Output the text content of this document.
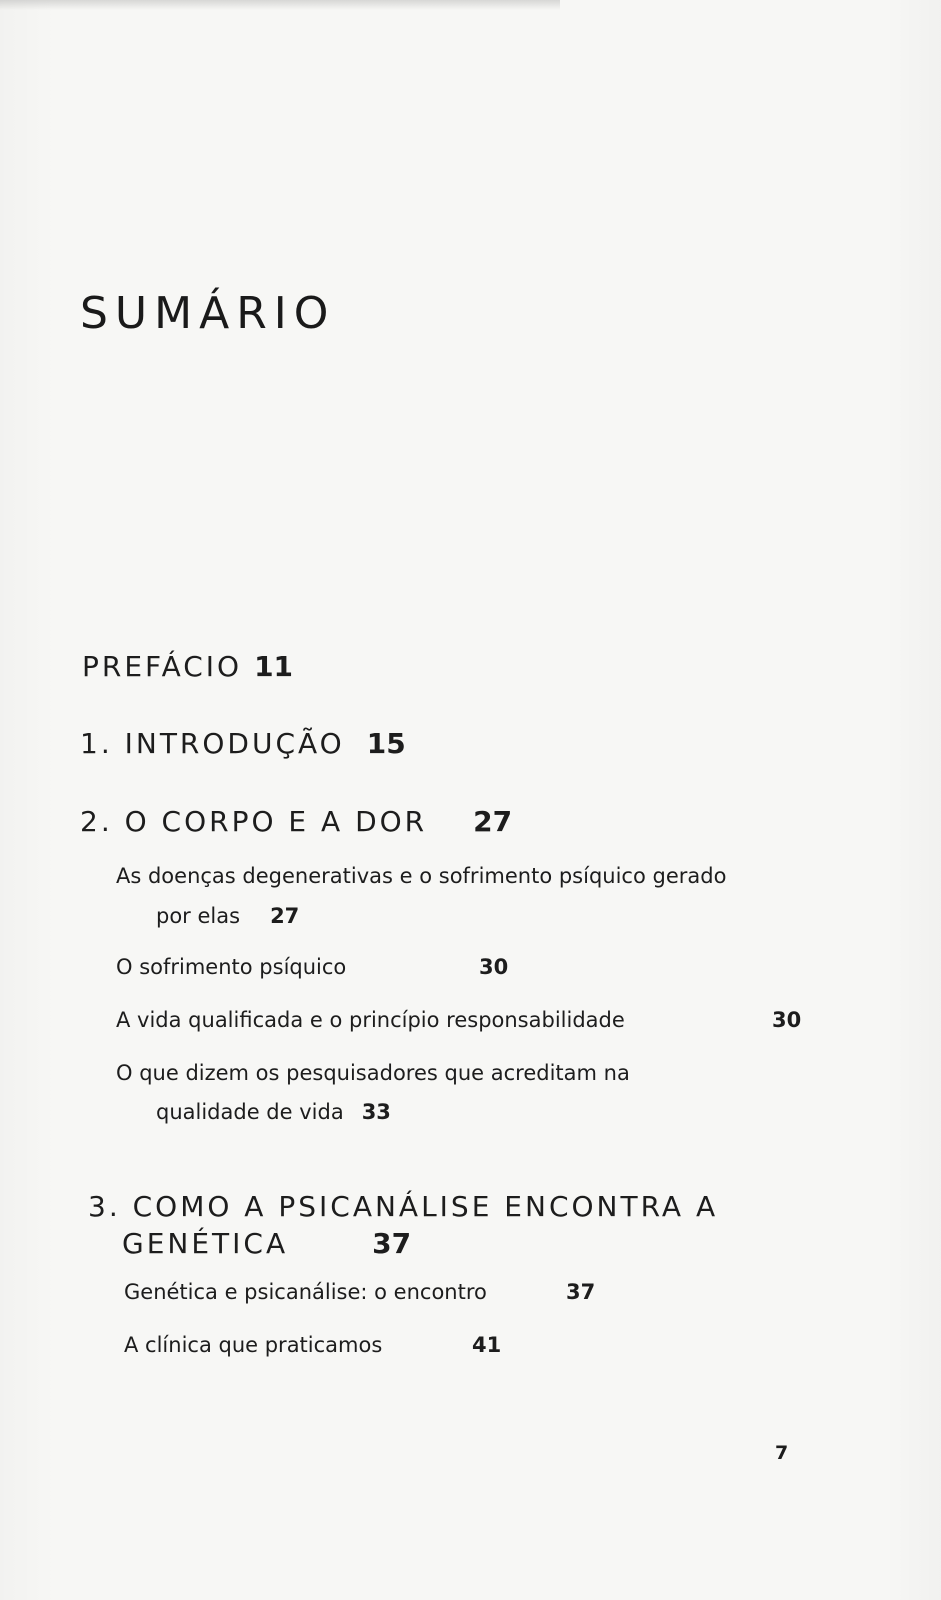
SUMÁRIO
PREFÁCIO 11
1. INTRODUÇÃO 15
2. O CORPO E A DOR 27
As doenças degenerativas e o sofrimento psíquico gerado
por elas 27
O sofrimento psíquico	30
A vida qualificada e o princípio responsabilidade	30
O que dizem os pesquisadores que acreditam na
qualidade de vida 33
3. COMO A PSICANÁLISE ENCONTRA A
GENÉTICA	37
Genética e psicanálise: o encontro	37
A clínica que praticamos	41
7
